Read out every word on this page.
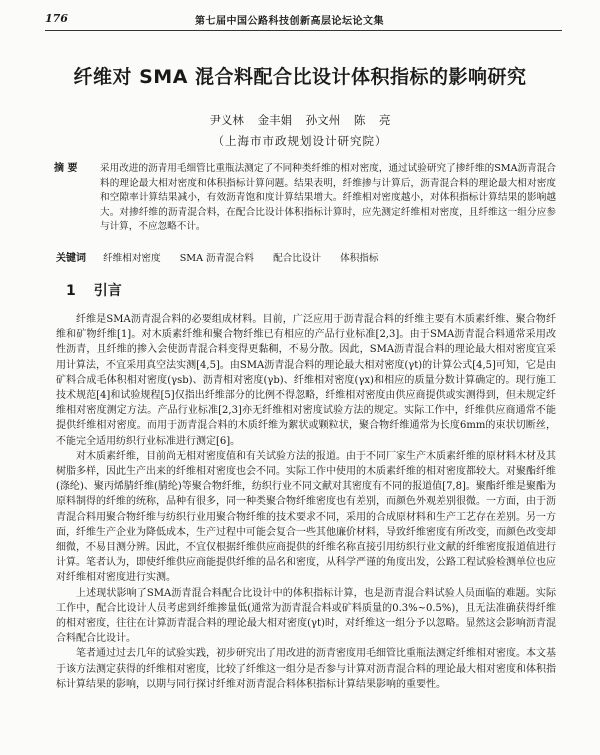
176	第七届中国公路科技创新高层论坛论文集
纤维对 SMA 混合料配合比设计体积指标的影响研究
尹义林 金丰娟 孙文州 陈 亮
（上海市市政规划设计研究院）
摘 要 采用改进的沥青用毛细管比重瓶法测定了不同种类纤维的相对密度，通过试验研究了掺纤维的SMA沥青混合料的理论最大相对密度和体积指标计算问题。结果表明，纤维掺与计算后，沥青混合料的理论最大相对密度和空隙率计算结果减小，有效沥青饱和度计算结果增大。纤维相对密度越小，对体积指标计算结果的影响越大。对掺纤维的沥青混合料，在配合比设计体积指标计算时，应先测定纤维相对密度，且纤维这一组分应参与计算，不应忽略不计。
关键词 纤维相对密度 SMA 沥青混合料 配合比设计 体积指标
1 引言

纤维是SMA沥青混合料的必要组成材料。目前，广泛应用于沥青混合料的纤维主要有木质素纤维、聚合物纤维和矿物纤维[1]。对木质素纤维和聚合物纤维已有相应的产品行业标准[2,3]。由于SMA沥青混合料通常采用改性沥青，且纤维的掺入会使沥青混合料变得更黏稠，不易分散。因此，SMA沥青混合料的理论最大相对密度宜采用计算法，不宜采用真空法实测[4,5]。由SMA沥青混合料的理论最大相对密度(γt)的计算公式[4,5]可知，它是由矿料合成毛体积相对密度(γsb)、沥青相对密度(γb)、纤维相对密度(γx)和相应的质量分数计算确定的。现行施工技术规范[4]和试验规程[5]仅指出纤维部分的比例不得忽略，纤维相对密度由供应商提供或实测得到，但未规定纤维相对密度测定方法。产品行业标准[2,3]亦无纤维相对密度试验方法的规定。实际工作中，纤维供应商通常不能提供纤维相对密度。而用于沥青混合料的木质纤维为絮状或颗粒状，聚合物纤维通常为长度6mm的束状切断丝，不能完全适用纺织行业标准进行测定[6]。

对木质素纤维，目前尚无相对密度值和有关试验方法的报道。由于不同厂家生产木质素纤维的原材料木材及其树脂多样，因此生产出来的纤维相对密度也会不同。实际工作中使用的木质素纤维的相对密度都较大。对聚酯纤维(涤纶)、聚丙烯腈纤维(腈纶)等聚合物纤维，纺织行业不同文献对其密度有不同的报道值[7,8]。聚酯纤维是聚酯为原料制得的纤维的统称，品种有很多，同一种类聚合物纤维密度也有差别，而颜色外观差别很微。一方面，由于沥青混合料用聚合物纤维与纺织行业用聚合物纤维的技术要求不同，采用的合成原材料和生产工艺存在差别。另一方面，纤维生产企业为降低成本，生产过程中可能会复合一些其他廉价材料，导致纤维密度有所改变，而颜色改变却细微，不易目测分辨。因此，不宜仅根据纤维供应商提供的纤维名称直接引用纺织行业文献的纤维密度报道值进行计算。笔者认为，即使纤维供应商能提供纤维的品名和密度，从科学严谨的角度出发，公路工程试验检测单位也应对纤维相对密度进行实测。

上述现状影响了SMA沥青混合料配合比设计中的体积指标计算，也是沥青混合料试验人员面临的难题。实际工作中，配合比设计人员考虑到纤维掺量低(通常为沥青混合料或矿料质量的0.3%~0.5%)，且无法准确获得纤维的相对密度，往往在计算沥青混合料的理论最大相对密度(γt)时，对纤维这一组分予以忽略。显然这会影响沥青混合料配合比设计。

笔者通过过去几年的试验实践，初步研究出了用改进的沥青密度用毛细管比重瓶法测定纤维相对密度。本文基于该方法测定获得的纤维相对密度，比较了纤维这一组分是否参与计算对沥青混合料的理论最大相对密度和体积指标计算结果的影响，以期与同行探讨纤维对沥青混合料体积指标计算结果影响的重要性。
